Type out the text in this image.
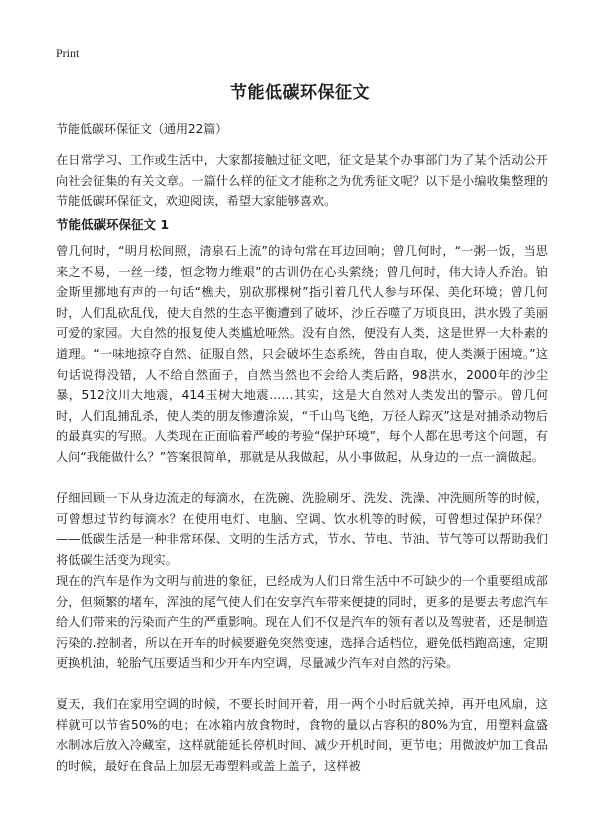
Print
节能低碳环保征文

节能低碳环保征文（通用22篇）

在日常学习、工作或生活中，大家都接触过征文吧，征文是某个办事部门为了某个活动公开向社会征集的有关文章。一篇什么样的征文才能称之为优秀征文呢？以下是小编收集整理的节能低碳环保征文，欢迎阅读，希望大家能够喜欢。

节能低碳环保征文 1

曾几何时，“明月松间照，清泉石上流”的诗句常在耳边回响；曾几何时，“一粥一饭，当思来之不易，一丝一缕，恒念物力维艰”的古训仍在心头萦绕；曾几何时，伟大诗人乔治。铂金斯里挪地有声的一句话“樵夫，别砍那棵树”指引着几代人参与环保、美化环境；曾几何时，人们乱砍乱伐，使大自然的生态平衡遭到了破坏，沙丘吞噬了万顷良田，洪水毁了美丽可爱的家园。大自然的报复使人类尴尬哑然。没有自然，便没有人类，这是世界一大朴素的道理。“一味地掠夺自然、征服自然，只会破坏生态系统，咎由自取，使人类濒于困境。”这句话说得没错，人不给自然面子，自然当然也不会给人类后路，98洪水，2000年的沙尘暴，512汶川大地震，414玉树大地震……其实，这是大自然对人类发出的警示。曾几何时，人们乱捕乱杀，使人类的朋友惨遭涂炭，“千山鸟飞绝，万径人踪灭”这是对捕杀动物后的最真实的写照。人类现在正面临着严峻的考验“保护环境”，每个人都在思考这个问题，有人问“我能做什么？”答案很简单，那就是从我做起，从小事做起，从身边的一点一滴做起。

仔细回顾一下从身边流走的每滴水，在洗碗、洗脸刷牙、洗发、洗澡、冲洗厕所等的时候，可曾想过节约每滴水？在使用电灯、电脑、空调、饮水机等的时候，可曾想过保护环保？——低碳生活是一种非常环保、文明的生活方式，节水、节电、节油、节气等可以帮助我们将低碳生活变为现实。

现在的汽车是作为文明与前进的象征，已经成为人们日常生活中不可缺少的一个重要组成部分，但频繁的堵车，浑浊的尾气使人们在安享汽车带来便捷的同时，更多的是要去考虑汽车给人们带来的污染而产生的严重影响。现在人们不仅是汽车的领有者以及驾驶者，还是制造污染的.控制者，所以在开车的时候要避免突然变速，选择合适档位，避免低档跑高速，定期更换机油，轮胎气压要适当和少开车内空调，尽量减少汽车对自然的污染。

夏天，我们在家用空调的时候，不要长时间开着，用一两个小时后就关掉，再开电风扇，这样就可以节省50%的电；在冰箱内放食物时，食物的量以占容积的80%为宜，用塑料盒盛水制冰后放入冷藏室，这样就能延长停机时间、减少开机时间，更节电；用微波炉加工食品的时候，最好在食品上加层无毒塑料或盖上盖子，这样被
